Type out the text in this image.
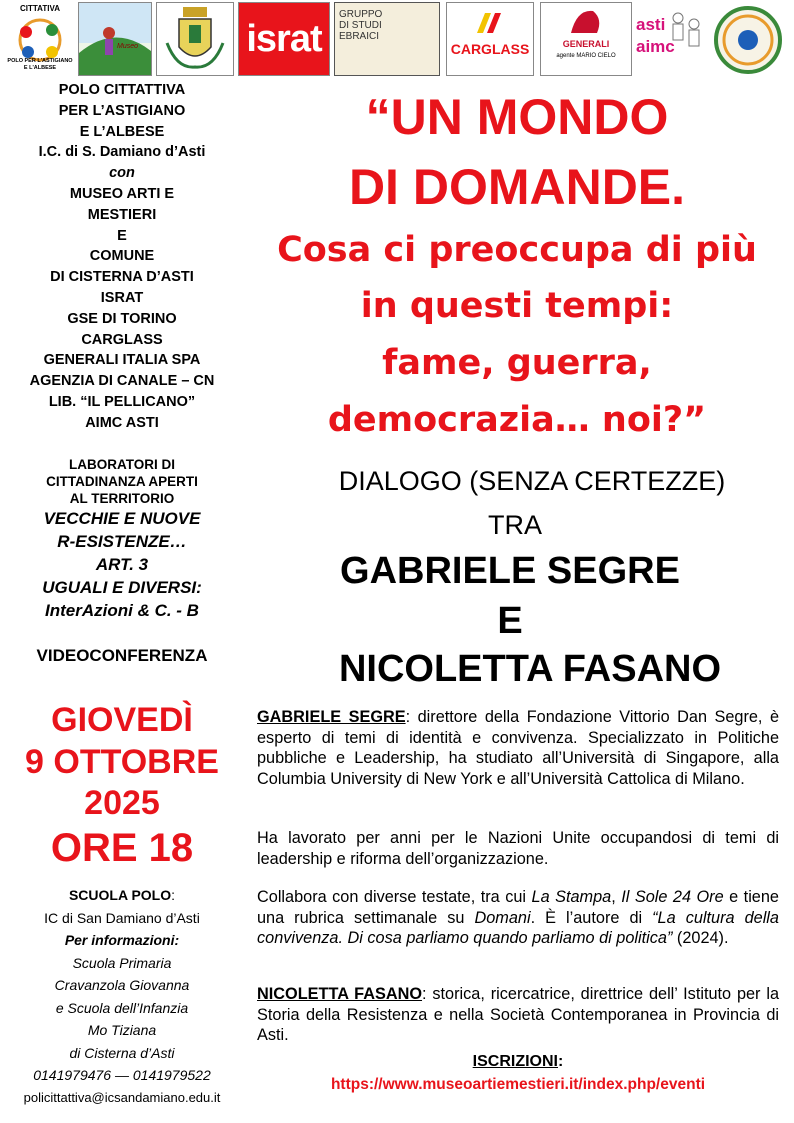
CITTATIVA
POLO PER L'ASTIGIANO E L'ALBESE
Museo	israt
GRUPPO DI STUDI EBRAICI
CARGLASS	GENERALI
agente MARIO CIELO
asti aimc
POLO CITTATTIVA
PER L’ASTIGIANO
E L’ALBESE
I.C. di S. Damiano d’Asti
con
MUSEO ARTI E
MESTIERI
E
COMUNE
DI CISTERNA D’ASTI
ISRAT
GSE DI TORINO
CARGLASS
GENERALI ITALIA SPA
AGENZIA DI CANALE – CN
LIB. “IL PELLICANO”
AIMC ASTI
LABORATORI DI
CITTADINANZA APERTI
AL TERRITORIO
VECCHIE E NUOVE
R-ESISTENZE…
ART. 3
UGUALI E DIVERSI:
InterAzioni & C. - B
VIDEOCONFERENZA
GIOVEDÌ
9 OTTOBRE
2025
ORE 18
SCUOLA POLO:
IC di San Damiano d’Asti
Per informazioni:
Scuola Primaria
Cravanzola Giovanna
e Scuola dell’Infanzia
Mo Tiziana
di Cisterna d’Asti
0141979476 — 0141979522
policittattiva@icsandamiano.edu.it
“UN MONDO
DI DOMANDE.
Cosa ci preoccupa di più
in questi tempi:
fame, guerra,
democrazia… noi?”
DIALOGO (SENZA CERTEZZE)
TRA
GABRIELE SEGRE
E
NICOLETTA FASANO
GABRIELE SEGRE: direttore della Fondazione Vittorio Dan Segre, è esperto di temi di identità e convivenza. Specializzato in Politiche pubbliche e Leadership, ha studiato all’Università di Singapore, alla Columbia University di New York e all’Università Cattolica di Milano.
Ha lavorato per anni per le Nazioni Unite occupandosi di temi di leadership e riforma dell’organizzazione.
Collabora con diverse testate, tra cui La Stampa, Il Sole 24 Ore e tiene una rubrica settimanale su Domani. È l’autore di “La cultura della convivenza. Di cosa parliamo quando parliamo di politica” (2024).
NICOLETTA FASANO: storica, ricercatrice, direttrice dell’ Istituto per la Storia della Resistenza e nella Società Contemporanea in Provincia di Asti.
ISCRIZIONI:
https://www.museoartiemestieri.it/index.php/eventi
